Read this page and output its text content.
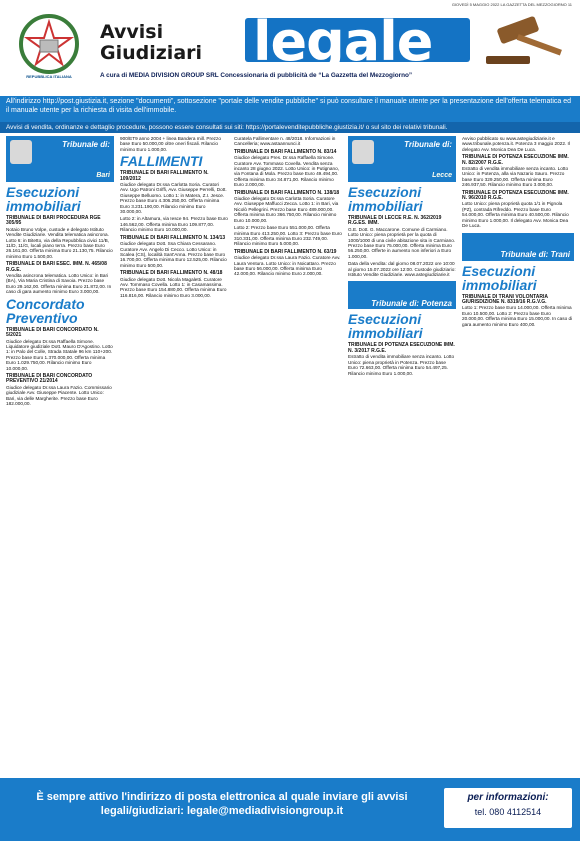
GIOVEDÌ 5 MAGGIO 2022 LA GAZZETTA DEL MEZZOGIORNO 11
REPUBBLICA ITALIANA
Avvisi
Giudiziari legale
A cura di MEDIA DIVISION GROUP SRL Concessionaria di pubblicità de “La Gazzetta del Mezzogiorno”
All'indirizzo http://post.giustizia.it, sezione "documenti", sottosezione "portale delle vendite pubbliche" si può consultare il manuale utente per la presentazione dell'offerta telematica ed il manuale utente per la richiesta di visita dell'immobile.
Avvisi di vendita, ordinanze e dettaglio procedure, possono essere consultati sui siti: https://portalevenditepubbliche.giustizia.it/ o sul sito dei relativi tribunali.
Tribunale di:
Bari
Esecuzioni immobiliari
TRIBUNALE DI BARI PROCEDURA RGE 305/95

Notaio Bruno Volpe, custode e delegato Istituto Vendite Giudiziarie. Vendita telematica asincrona. Lotto 6: in Bitetto, via della Repubblica civici 11/B, 11/D, 11/G, locali piano terra. Prezzo base Euro 26.161,00. Offerta minima Euro 21.130,75. Rilancio minimo Euro 1.500,00.

TRIBUNALE DI BARI ESEC. IMM. N. 465/08 R.G.E.

Vendita asincrona telematica. Lotto Unico: in Bari (BA), Via Maria Cristina di Savoia. Prezzo base Euro 29.162,00. Offerta minima Euro 21.872,00. In caso di gara aumento minimo Euro 3.000,00.

Concordato Preventivo
TRIBUNALE DI BARI CONCORDATO N. 5/2021

Giudice delegato Dr.ssa Raffaella Simone. Liquidatore giudiziale Dott. Mauro D'Agostino. Lotto 1: in Palo del Colle, Strada Statale 96 km 110+200. Prezzo base Euro 1.370.000,00. Offerta minima Euro 1.029.750,00. Rilancio minimo Euro 10.000,00.

TRIBUNALE DI BARI CONCORDATO PREVENTIVO 21/2014

Giudice delegato Dr.ssa Laura Fazio. Commissario giudiziale Avv. Giuseppe Piacente. Lotto Unico: Bari, via delle Margherite. Prezzo base Euro 182.000,00.

900/ET9 anno 2004 + linea Bandera mill. Prezzo base Euro 50.000,00 oltre oneri fiscali. Rilancio minimo Euro 1.000,00.

FALLIMENTI
TRIBUNALE DI BARI FALLIMENTO N. 109/2012

Giudice delegato Dr.ssa Carlotta Soria. Curatori Avv. Ugo Patroni Griffi, Avv. Giuseppe Perrelli, Dott. Giuseppe Belluomo. Lotto 1: in Matera, Z.I. Jesce. Prezzo base Euro 4.306.250,00. Offerta minima Euro 3.231.190,00. Rilancio minimo Euro 30.000,00.

Lotto 2: in Altamura, via Iesce 94. Prezzo base Euro 146.562,00. Offerta minima Euro 109.877,00. Rilancio minimo Euro 10.000,00.

TRIBUNALE DI BARI FALLIMENTO N. 134/13

Giudice delegato Dott. Ssa Chiara Cessarano. Curatore Avv. Angelo Di Cecco. Lotto Unico: in Scalea (CS), località Sant'Anna. Prezzo base Euro 16.700,00. Offerta minima Euro 12.525,00. Rilancio minimo Euro 500,00.

TRIBUNALE DI BARI FALLIMENTO N. 48/18

Giudice delegato Dott. Nicola Magaletti. Curatore Avv. Tommaso Covella. Lotto 1: in Casamassima. Prezzo base Euro 154.880,00. Offerta minima Euro 116.816,00. Rilancio minimo Euro 3.000,00.

Curatela Fallimentare n. 48/2018. Informazioni in Cancelleria; www.astaannunci.it

TRIBUNALE DI BARI FALLIMENTO N. 83/14

Giudice delegato Pres. Dr.ssa Raffaella Simone. Curatore Avv. Tommaso Covella. Vendita senza incanto 28 giugno 2022. Lotto Unico: in Putignano, via Fontana di Mola. Prezzo base Euro 49.494,00. Offerta minima Euro 34.871,00. Rilancio minimo Euro 2.000,00.

TRIBUNALE DI BARI FALLIMENTO N. 138/18

Giudice delegato Dr.ssa Carlotta Soria. Curatore Avv. Giuseppe Maffucci Zecca. Lotto 1: in Bari, via Nicolò Pellegrini. Prezzo base Euro 489.000,00. Offerta minima Euro 366.750,00. Rilancio minimo Euro 10.000,00.

Lotto 2: Prezzo base Euro 551.000,00. Offerta minima Euro 413.250,00. Lotto 3: Prezzo base Euro 310.331,00. Offerta minima Euro 232.749,00. Rilancio minimo Euro 5.000,00.

TRIBUNALE DI BARI FALLIMENTO N. 63/19

Giudice delegato Dr.ssa Laura Fazio. Curatore Avv. Laura Ventura. Lotto Unico: in Noicattaro. Prezzo base Euro 56.000,00. Offerta minima Euro 42.000,00. Rilancio minimo Euro 2.000,00.

Tribunale di:
Lecce
Esecuzioni immobiliari
TRIBUNALE DI LECCE R.E. N. 362/2019 R.G.ES. IMM.

G.E. Dott. G. Maccarone. Comune di Carmiano. Lotto Unico: piena proprietà per la quota di 1000/1000 di una civile abitazione sita in Carmiano. Prezzo base Euro 75.000,00. Offerta minima Euro 56.250,00. Offerte in aumento non inferiori a Euro 1.000,00.

Data della vendita: dal giorno 08.07.2022 ore 10:00 al giorno 15.07.2022 ore 12:00. Custode giudiziario: Istituto Vendite Giudiziarie. www.astegiudiziarie.it

Tribunale di: Potenza
Esecuzioni immobiliari
TRIBUNALE DI POTENZA ESECUZIONE IMM. N. 3/2017 R.G.E.

Estratto di vendita immobiliare senza incanto. Lotto Unico: piena proprietà in Potenza. Prezzo base Euro 72.663,00. Offerta minima Euro 54.497,25. Rilancio minimo Euro 1.000,00.

Avviso pubblicato su www.astegiudiziarie.it e www.tribunale.potenza.it. Potenza 3 maggio 2022. Il delegato Avv. Monica Dea De Luca.

TRIBUNALE DI POTENZA ESECUZIONE IMM. N. 82/2007 R.G.E.

Estratto di vendita immobiliare senza incanto. Lotto Unico: in Potenza, alla via Nazario Sauro. Prezzo base Euro 329.250,00. Offerta minima Euro 246.937,50. Rilancio minimo Euro 3.000,00.

TRIBUNALE DI POTENZA ESECUZIONE IMM. N. 96/2010 R.G.E.

Lotto Unico: piena proprietà quota 1/1 in Pignola (PZ), contrada Rifreddo. Prezzo base Euro 54.000,00. Offerta minima Euro 40.500,00. Rilancio minimo Euro 1.000,00. Il delegato Avv. Monica Dea De Luca.

Tribunale di: Trani
Esecuzioni immobiliari
TRIBUNALE DI TRANI VOLONTARIA GIURISDIZIONE N. 8319/16 R.G.V.G.

Lotto 1: Prezzo base Euro 14.000,00. Offerta minima Euro 10.500,00. Lotto 2: Prezzo base Euro 20.000,00. Offerta minima Euro 15.000,00. In caso di gara aumento minimo Euro 400,00.

È sempre attivo l'indirizzo di posta elettronica al quale inviare gli avvisi legali/giudiziari: legale@mediadivisiongroup.it
per informazioni:
tel. 080 4112514
